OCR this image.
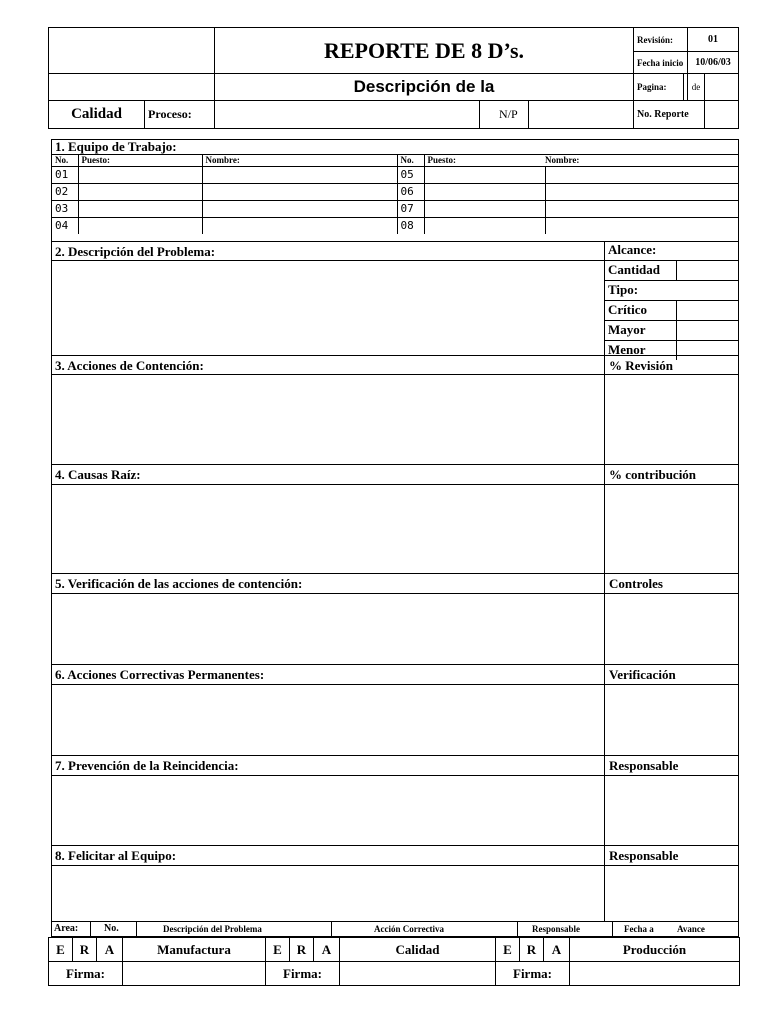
		REPORTE DE 8 D’s.		Revisión:	01	
				Fecha inicio	10/06/03	
		Descripción de la		Pagina:	de	
Calidad	Proceso:		N/P	No. Reporte		
1. Equipo de Trabajo:
No.	Puesto:	Nombre:	No.	Puesto:	Nombre:
01			05		
02			06		
03			07		
04			08		
2. Descripción del Problema:	Alcance:
Cantidad
Tipo:
Crítico
Mayor
Menor
3. Acciones de Contención:	% Revisión
4. Causas Raíz:	% contribución
5. Verificación de las acciones de contención:	Controles
6. Acciones Correctivas Permanentes:	Verificación
7. Prevención de la Reincidencia:	Responsable
8. Felicitar al Equipo:	Responsable
Area:	No.	Descripción del Problema	Acción Correctiva	Responsable	Fecha a	Avance
E	R	A	Manufactura	E	R	A	Calidad	E	R	A	Producción
Firma:				Firma:				Firma:			
